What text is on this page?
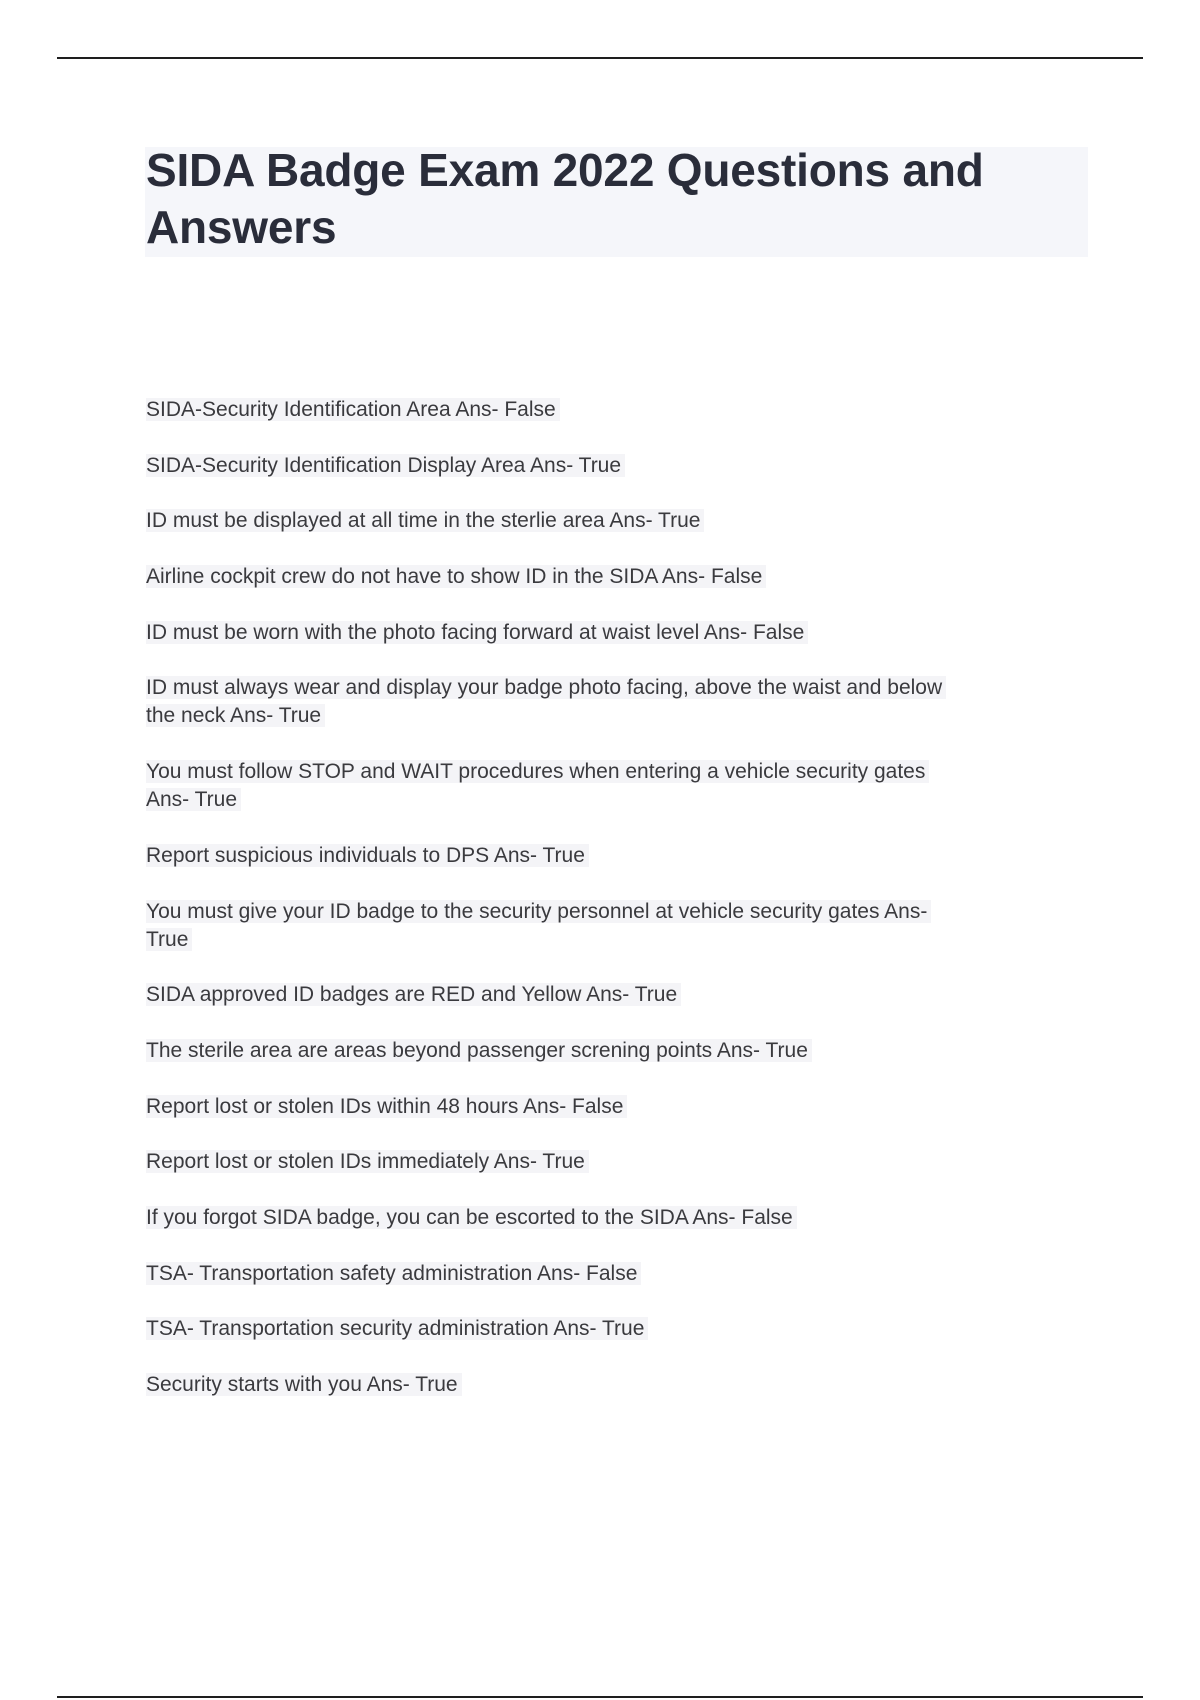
SIDA Badge Exam 2022 Questions and
Answers
SIDA-Security Identification Area Ans- False
SIDA-Security Identification Display Area Ans- True
ID must be displayed at all time in the sterlie area Ans- True
Airline cockpit crew do not have to show ID in the SIDA Ans- False
ID must be worn with the photo facing forward at waist level Ans- False
ID must always wear and display your badge photo facing, above the waist and below
the neck Ans- True
You must follow STOP and WAIT procedures when entering a vehicle security gates
Ans- True
Report suspicious individuals to DPS Ans- True
You must give your ID badge to the security personnel at vehicle security gates Ans-
True
SIDA approved ID badges are RED and Yellow Ans- True
The sterile area are areas beyond passenger screning points Ans- True
Report lost or stolen IDs within 48 hours Ans- False
Report lost or stolen IDs immediately Ans- True
If you forgot SIDA badge, you can be escorted to the SIDA Ans- False
TSA- Transportation safety administration Ans- False
TSA- Transportation security administration Ans- True
Security starts with you Ans- True
